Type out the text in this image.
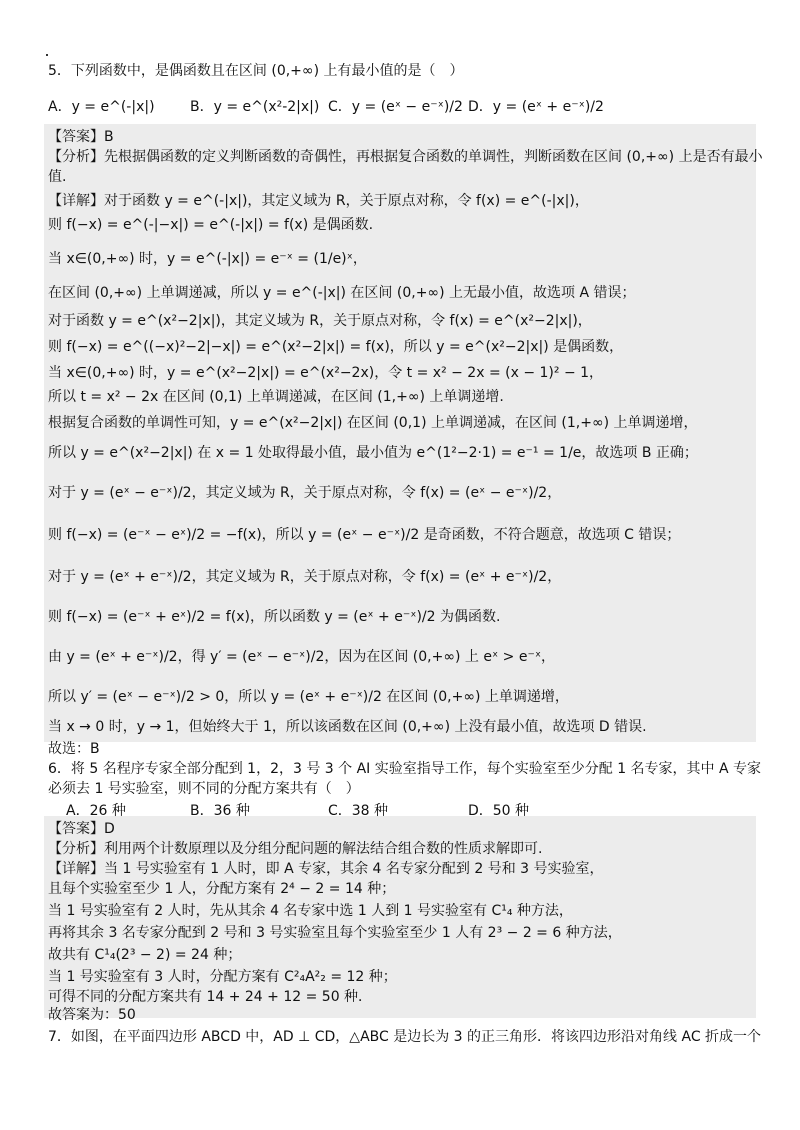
5．下列函数中，是偶函数且在区间 (0,+∞) 上有最小值的是（　）
A．y = e^(-|x|)	B．y = e^(x²-2|x|) C．y = (eˣ − e⁻ˣ)/2 D．y = (eˣ + e⁻ˣ)/2
【答案】B
【分析】先根据偶函数的定义判断函数的奇偶性，再根据复合函数的单调性，判断函数在区间 (0,+∞) 上是否有最小
值.
【详解】对于函数 y = e^(-|x|)，其定义域为 R，关于原点对称，令 f(x) = e^(-|x|)，
则 f(−x) = e^(-|−x|) = e^(-|x|) = f(x) 是偶函数.
当 x∈(0,+∞) 时，y = e^(-|x|) = e⁻ˣ = (1/e)ˣ，
在区间 (0,+∞) 上单调递减，所以 y = e^(-|x|) 在区间 (0,+∞) 上无最小值，故选项 A 错误；
对于函数 y = e^(x²−2|x|)，其定义域为 R，关于原点对称，令 f(x) = e^(x²−2|x|)，
则 f(−x) = e^((−x)²−2|−x|) = e^(x²−2|x|) = f(x)，所以 y = e^(x²−2|x|) 是偶函数，
当 x∈(0,+∞) 时，y = e^(x²−2|x|) = e^(x²−2x)，令 t = x² − 2x = (x − 1)² − 1，
所以 t = x² − 2x 在区间 (0,1) 上单调递减，在区间 (1,+∞) 上单调递增.
根据复合函数的单调性可知，y = e^(x²−2|x|) 在区间 (0,1) 上单调递减，在区间 (1,+∞) 上单调递增，
所以 y = e^(x²−2|x|) 在 x = 1 处取得最小值，最小值为 e^(1²−2·1) = e⁻¹ = 1/e，故选项 B 正确；
对于 y = (eˣ − e⁻ˣ)/2，其定义域为 R，关于原点对称，令 f(x) = (eˣ − e⁻ˣ)/2，
则 f(−x) = (e⁻ˣ − eˣ)/2 = −f(x)，所以 y = (eˣ − e⁻ˣ)/2 是奇函数，不符合题意，故选项 C 错误；
对于 y = (eˣ + e⁻ˣ)/2，其定义域为 R，关于原点对称，令 f(x) = (eˣ + e⁻ˣ)/2，
则 f(−x) = (e⁻ˣ + eˣ)/2 = f(x)，所以函数 y = (eˣ + e⁻ˣ)/2 为偶函数.
由 y = (eˣ + e⁻ˣ)/2，得 y′ = (eˣ − e⁻ˣ)/2，因为在区间 (0,+∞) 上 eˣ > e⁻ˣ，
所以 y′ = (eˣ − e⁻ˣ)/2 > 0，所以 y = (eˣ + e⁻ˣ)/2 在区间 (0,+∞) 上单调递增，
当 x → 0 时，y → 1，但始终大于 1，所以该函数在区间 (0,+∞) 上没有最小值，故选项 D 错误.
故选：B
6．将 5 名程序专家全部分配到 1，2，3 号 3 个 AI 实验室指导工作，每个实验室至少分配 1 名专家，其中 A 专家
必须去 1 号实验室，则不同的分配方案共有（　）
A．26 种	B．36 种	C．38 种	D．50 种
【答案】D
【分析】利用两个计数原理以及分组分配问题的解法结合组合数的性质求解即可.
【详解】当 1 号实验室有 1 人时，即 A 专家，其余 4 名专家分配到 2 号和 3 号实验室，
且每个实验室至少 1 人，分配方案有 2⁴ − 2 = 14 种；
当 1 号实验室有 2 人时，先从其余 4 名专家中选 1 人到 1 号实验室有 C¹₄ 种方法，
再将其余 3 名专家分配到 2 号和 3 号实验室且每个实验室至少 1 人有 2³ − 2 = 6 种方法，
故共有 C¹₄(2³ − 2) = 24 种；
当 1 号实验室有 3 人时，分配方案有 C²₄A²₂ = 12 种；
可得不同的分配方案共有 14 + 24 + 12 = 50 种．
故答案为：50
7．如图，在平面四边形 ABCD 中，AD ⊥ CD，△ABC 是边长为 3 的正三角形．将该四边形沿对角线 AC 折成一个
